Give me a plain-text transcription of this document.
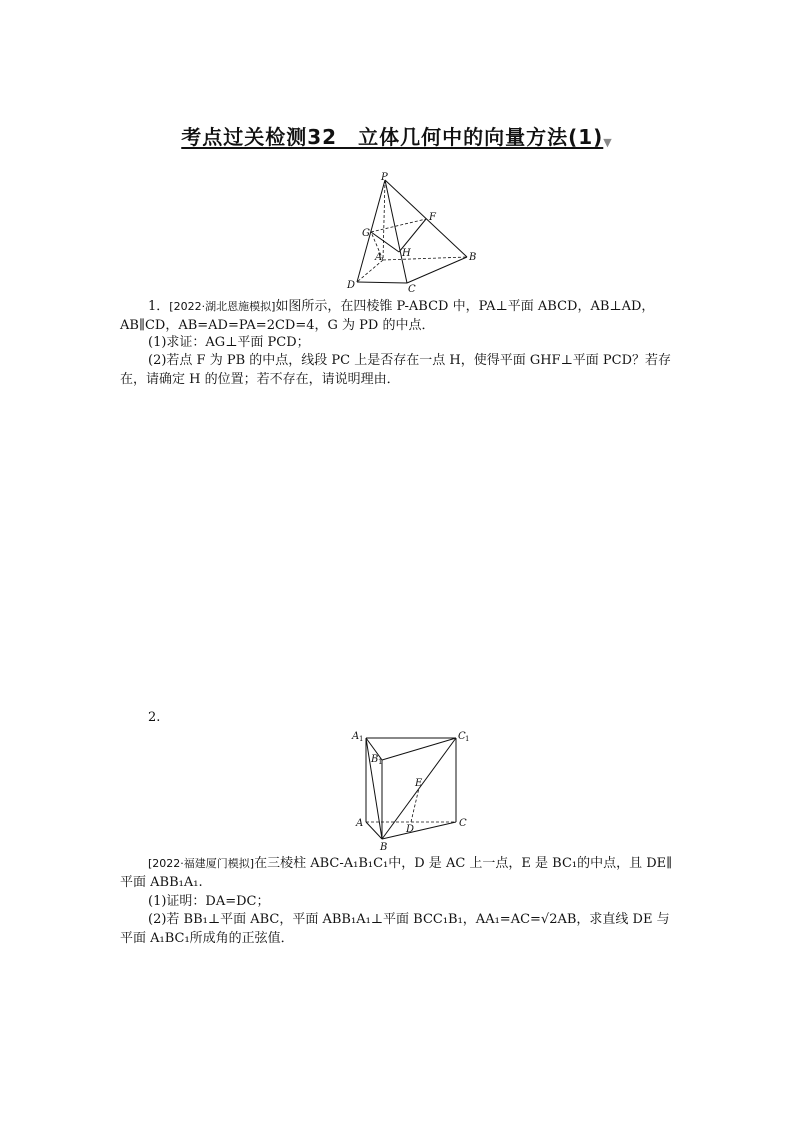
考点过关检测32　立体几何中的向量方法(1)▼
P
F
G
A H	B
D	C
1．[2022·湖北恩施模拟]如图所示，在四棱锥 P-ABCD 中，PA⊥平面 ABCD，AB⊥AD，AB∥CD，AB=AD=PA=2CD=4，G 为 PD 的中点．
(1)求证：AG⊥平面 PCD；
(2)若点 F 为 PB 的中点，线段 PC 上是否存在一点 H，使得平面 GHF⊥平面 PCD？若存在，请确定 H 的位置；若不存在，请说明理由．
2.
A 1	C 1
B 1
E
A
D
C
B
[2022·福建厦门模拟]在三棱柱 ABC-A₁B₁C₁中，D 是 AC 上一点，E 是 BC₁的中点，且 DE∥平面 ABB₁A₁.
(1)证明：DA=DC；
(2)若 BB₁⊥平面 ABC，平面 ABB₁A₁⊥平面 BCC₁B₁，AA₁=AC=√2AB，求直线 DE 与平面 A₁BC₁所成角的正弦值．
